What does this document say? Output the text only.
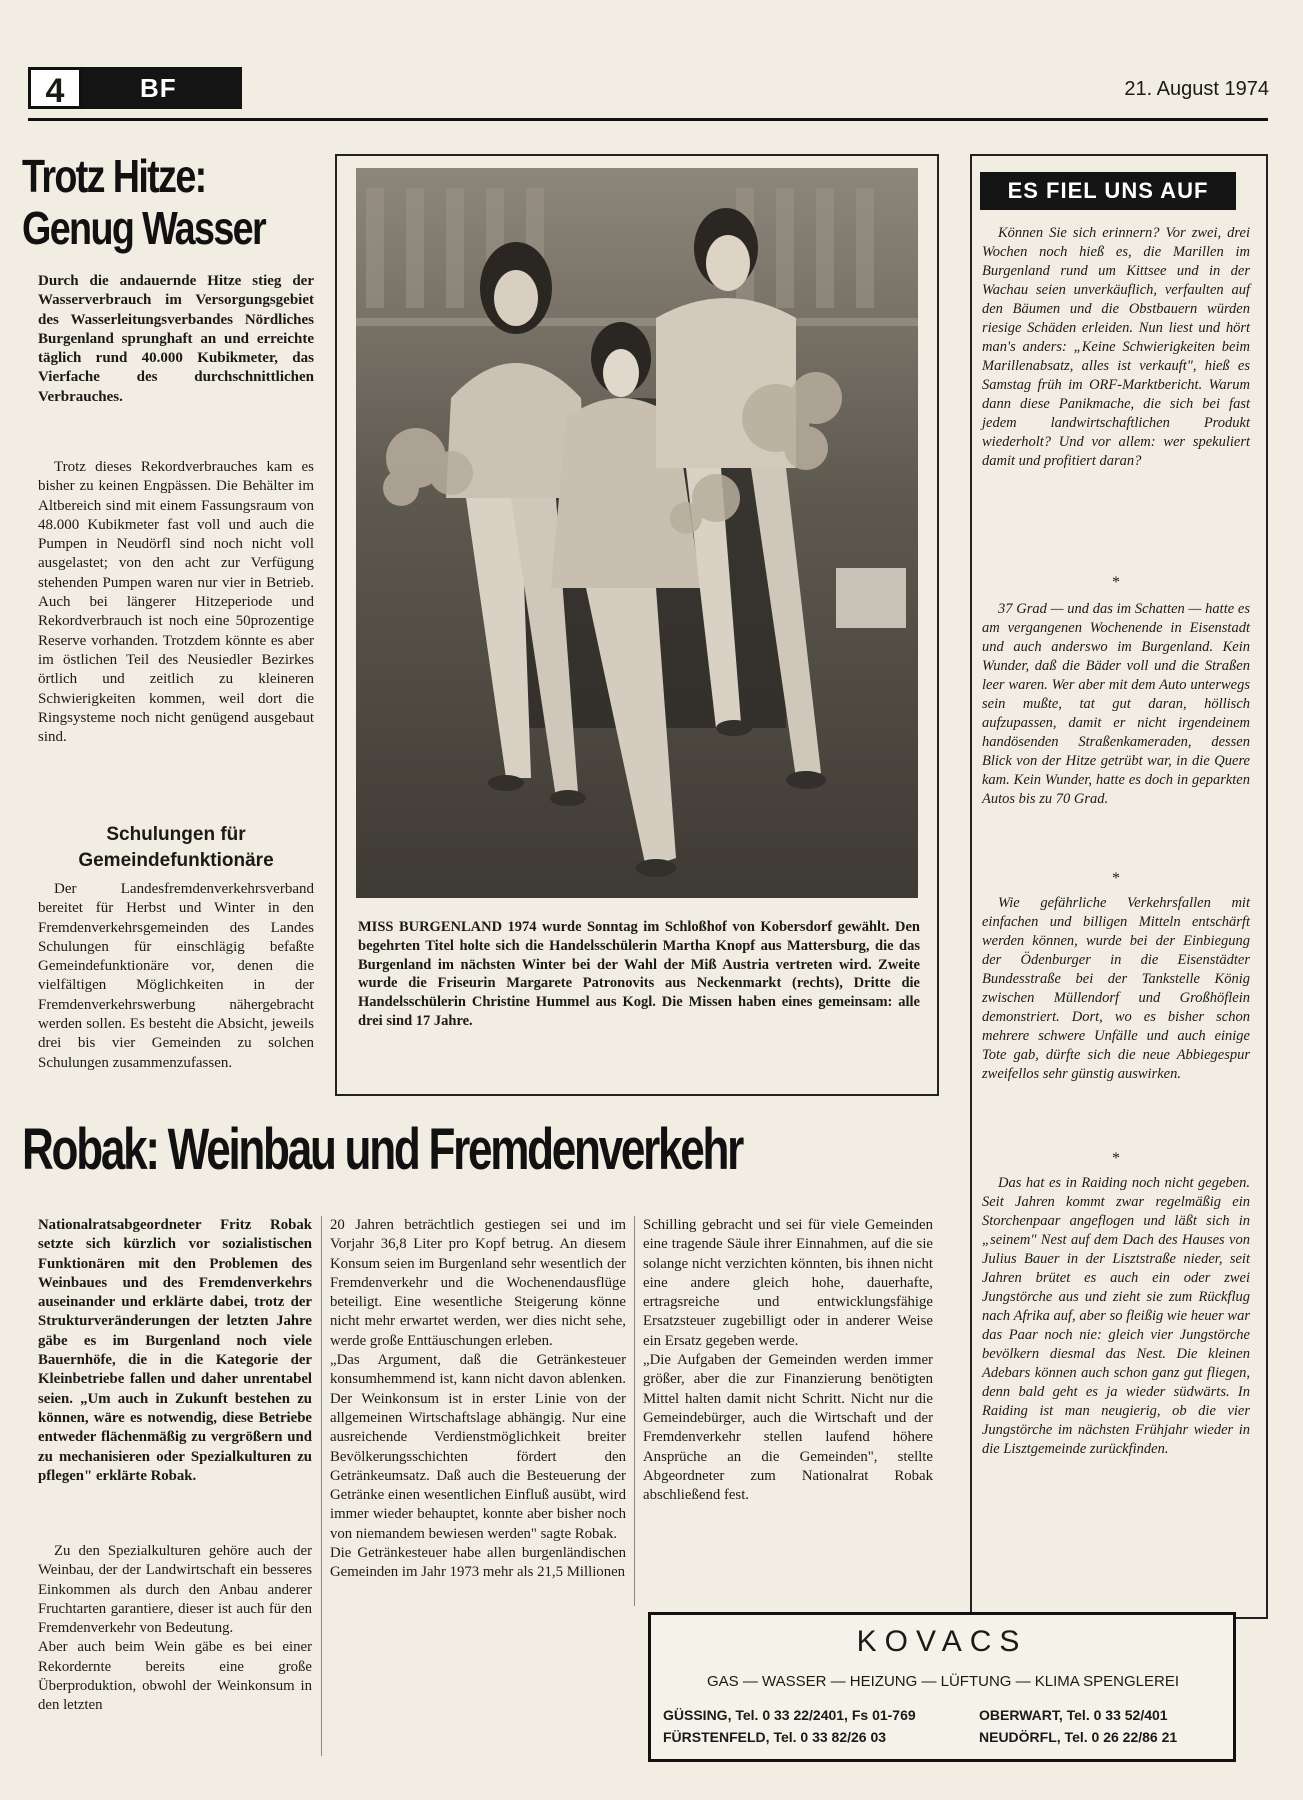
4	BF	21. August 1974
Trotz Hitze:
Genug Wasser

Durch die andauernde Hitze stieg der Wasserverbrauch im Versorgungsgebiet des Wasserleitungsverbandes Nördliches Burgenland sprunghaft an und erreichte täglich rund 40.000 Kubikmeter, das Vierfache des durchschnittlichen Verbrauches.

Trotz dieses Rekordverbrauches kam es bisher zu keinen Engpässen. Die Behälter im Altbereich sind mit einem Fassungsraum von 48.000 Kubikmeter fast voll und auch die Pumpen in Neudörfl sind noch nicht voll ausgelastet; von den acht zur Verfügung stehenden Pumpen waren nur vier in Betrieb. Auch bei längerer Hitzeperiode und Rekordverbrauch ist noch eine 50prozentige Reserve vorhanden. Trotzdem könnte es aber im östlichen Teil des Neusiedler Bezirkes örtlich und zeitlich zu kleineren Schwierigkeiten kommen, weil dort die Ringsysteme noch nicht genügend ausgebaut sind.

Schulungen für Gemeindefunktionäre

Der Landesfremdenverkehrsverband bereitet für Herbst und Winter in den Fremdenverkehrsgemeinden des Landes Schulungen für einschlägig befaßte Gemeindefunktionäre vor, denen die vielfältigen Möglichkeiten in der Fremdenverkehrswerbung nähergebracht werden sollen. Es besteht die Absicht, jeweils drei bis vier Gemeinden zu solchen Schulungen zusammenzufassen.

MISS BURGENLAND 1974 wurde Sonntag im Schloßhof von Kobersdorf gewählt. Den begehrten Titel holte sich die Handelsschülerin Martha Knopf aus Mattersburg, die das Burgenland im nächsten Winter bei der Wahl der Miß Austria vertreten wird. Zweite wurde die Friseurin Margarete Patronovits aus Neckenmarkt (rechts), Dritte die Handelsschülerin Christine Hummel aus Kogl. Die Missen haben eines gemeinsam: alle drei sind 17 Jahre.
ES FIEL UNS AUF

Können Sie sich erinnern? Vor zwei, drei Wochen noch hieß es, die Marillen im Burgenland rund um Kittsee und in der Wachau seien unverkäuflich, verfaulten auf den Bäumen und die Obstbauern würden riesige Schäden erleiden. Nun liest und hört man's anders: „Keine Schwierigkeiten beim Marillenabsatz, alles ist verkauft", hieß es Samstag früh im ORF-Marktbericht. Warum dann diese Panikmache, die sich bei fast jedem landwirtschaftlichen Produkt wiederholt? Und vor allem: wer spekuliert damit und profitiert daran?

*

37 Grad — und das im Schatten — hatte es am vergangenen Wochenende in Eisenstadt und auch anderswo im Burgenland. Kein Wunder, daß die Bäder voll und die Straßen leer waren. Wer aber mit dem Auto unterwegs sein mußte, tat gut daran, höllisch aufzupassen, damit er nicht irgendeinem handösenden Straßenkameraden, dessen Blick von der Hitze getrübt war, in die Quere kam. Kein Wunder, hatte es doch in geparkten Autos bis zu 70 Grad.

*

Wie gefährliche Verkehrsfallen mit einfachen und billigen Mitteln entschärft werden können, wurde bei der Einbiegung der Ödenburger in die Eisenstädter Bundesstraße bei der Tankstelle König zwischen Müllendorf und Großhöflein demonstriert. Dort, wo es bisher schon mehrere schwere Unfälle und auch einige Tote gab, dürfte sich die neue Abbiegespur zweifellos sehr günstig auswirken.

*

Das hat es in Raiding noch nicht gegeben. Seit Jahren kommt zwar regelmäßig ein Storchenpaar angeflogen und läßt sich in „seinem" Nest auf dem Dach des Hauses von Julius Bauer in der Lisztstraße nieder, seit Jahren brütet es auch ein oder zwei Jungstörche aus und zieht sie zum Rückflug nach Afrika auf, aber so fleißig wie heuer war das Paar noch nie: gleich vier Jungstörche bevölkern diesmal das Nest. Die kleinen Adebars können auch schon ganz gut fliegen, denn bald geht es ja wieder südwärts. In Raiding ist man neugierig, ob die vier Jungstörche im nächsten Frühjahr wieder in die Lisztgemeinde zurückfinden.

Robak: Weinbau und Fremdenverkehr

Nationalratsabgeordneter Fritz Robak setzte sich kürzlich vor sozialistischen Funktionären mit den Problemen des Weinbaues und des Fremdenverkehrs auseinander und erklärte dabei, trotz der Strukturveränderungen der letzten Jahre gäbe es im Burgenland noch viele Bauernhöfe, die in die Kategorie der Kleinbetriebe fallen und daher unrentabel seien. „Um auch in Zukunft bestehen zu können, wäre es notwendig, diese Betriebe entweder flächenmäßig zu vergrößern und zu mechanisieren oder Spezialkulturen zu pflegen" erklärte Robak.

Zu den Spezialkulturen gehöre auch der Weinbau, der der Landwirtschaft ein besseres Einkommen als durch den Anbau anderer Fruchtarten garantiere, dieser ist auch für den Fremdenverkehr von Bedeutung.
Aber auch beim Wein gäbe es bei einer Rekordernte bereits eine große Überproduktion, obwohl der Weinkonsum in den letzten

20 Jahren beträchtlich gestiegen sei und im Vorjahr 36,8 Liter pro Kopf betrug. An diesem Konsum seien im Burgenland sehr wesentlich der Fremdenverkehr und die Wochenendausflüge beteiligt. Eine wesentliche Steigerung könne nicht mehr erwartet werden, wer dies nicht sehe, werde große Enttäuschungen erleben.
„Das Argument, daß die Getränkesteuer konsumhemmend ist, kann nicht davon ablenken. Der Weinkonsum ist in erster Linie von der allgemeinen Wirtschaftslage abhängig. Nur eine ausreichende Verdienstmöglichkeit breiter Bevölkerungsschichten fördert den Getränkeumsatz. Daß auch die Besteuerung der Getränke einen wesentlichen Einfluß ausübt, wird immer wieder behauptet, konnte aber bisher noch von niemandem bewiesen werden" sagte Robak.
Die Getränkesteuer habe allen burgenländischen Gemeinden im Jahr 1973 mehr als 21,5 Millionen

Schilling gebracht und sei für viele Gemeinden eine tragende Säule ihrer Einnahmen, auf die sie solange nicht verzichten könnten, bis ihnen nicht eine andere gleich hohe, dauerhafte, ertragsreiche und entwicklungsfähige Ersatzsteuer zugebilligt oder in anderer Weise ein Ersatz gegeben werde.
„Die Aufgaben der Gemeinden werden immer größer, aber die zur Finanzierung benötigten Mittel halten damit nicht Schritt. Nicht nur die Gemeindebürger, auch die Wirtschaft und der Fremdenverkehr stellen laufend höhere Ansprüche an die Gemeinden", stellte Abgeordneter zum Nationalrat Robak abschließend fest.

KOVACS
GAS — WASSER — HEIZUNG — LÜFTUNG — KLIMA SPENGLEREI
GÜSSING, Tel. 0 33 22/2401, Fs 01-769
FÜRSTENFELD, Tel. 0 33 82/26 03
OBERWART, Tel. 0 33 52/401
NEUDÖRFL, Tel. 0 26 22/86 21
